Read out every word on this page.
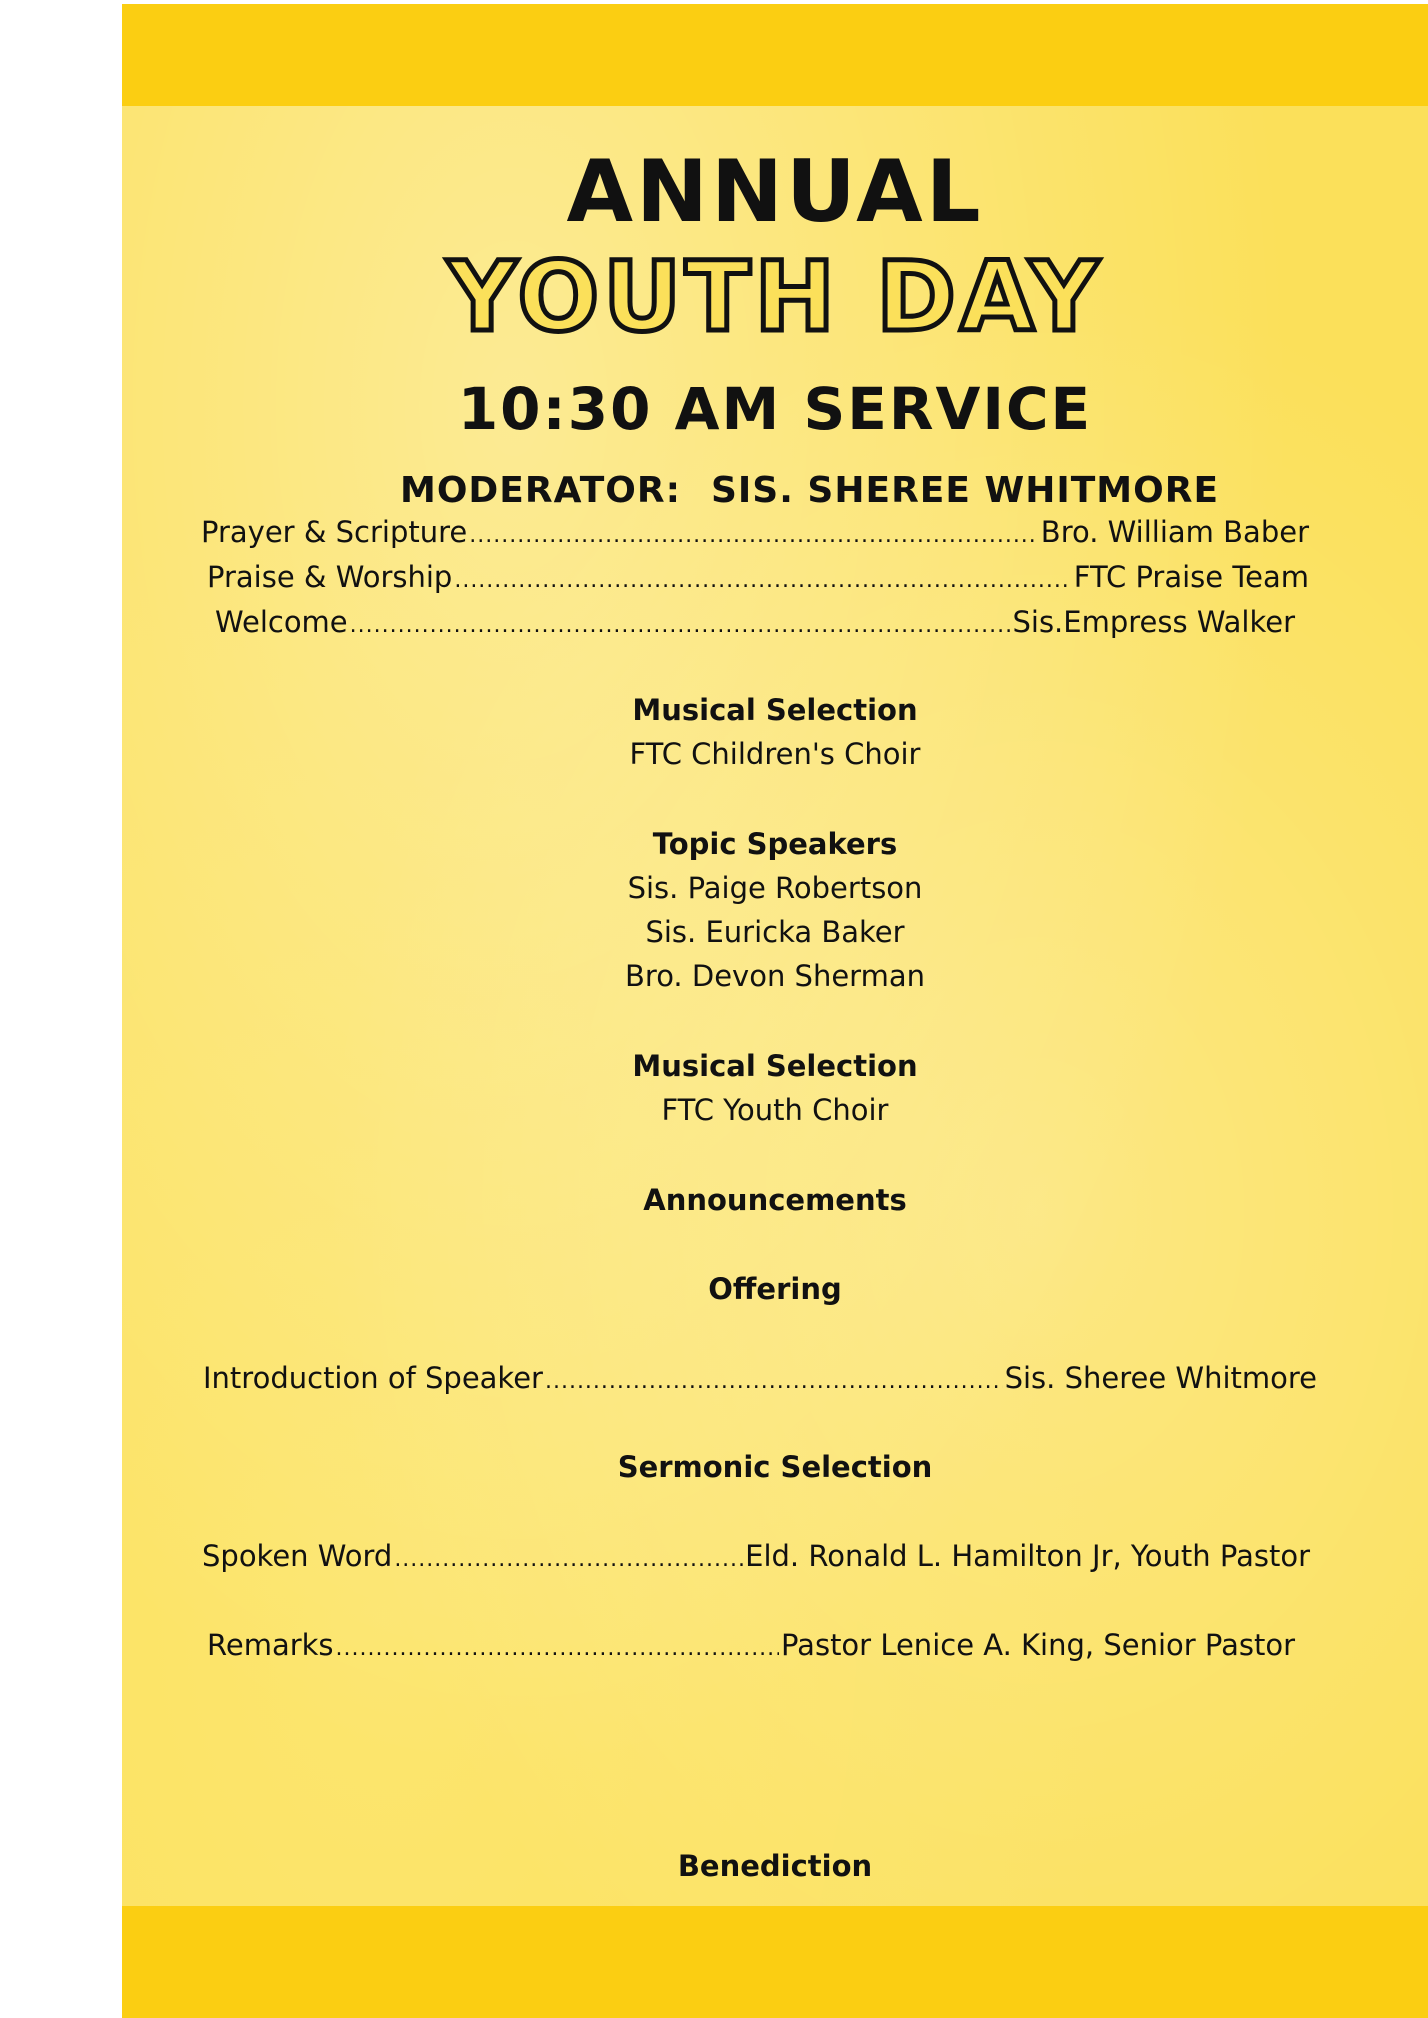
ANNUAL
YOUTH DAY
10:30 AM SERVICE
MODERATOR: SIS. SHEREE WHITMORE
Prayer & Scripture .....	Bro. William Baber
Praise & Worship .....	FTC Praise Team
Welcome .....	Sis.Empress Walker
Musical Selection
FTC Children's Choir
Topic Speakers
Sis. Paige Robertson
Sis. Euricka Baker
Bro. Devon Sherman
Musical Selection
FTC Youth Choir
Announcements
Offering
Introduction of Speaker .....	Sis. Sheree Whitmore
Sermonic Selection
Spoken Word .....	Eld. Ronald L. Hamilton Jr, Youth Pastor
Remarks .....	Pastor Lenice A. King, Senior Pastor
Benediction
